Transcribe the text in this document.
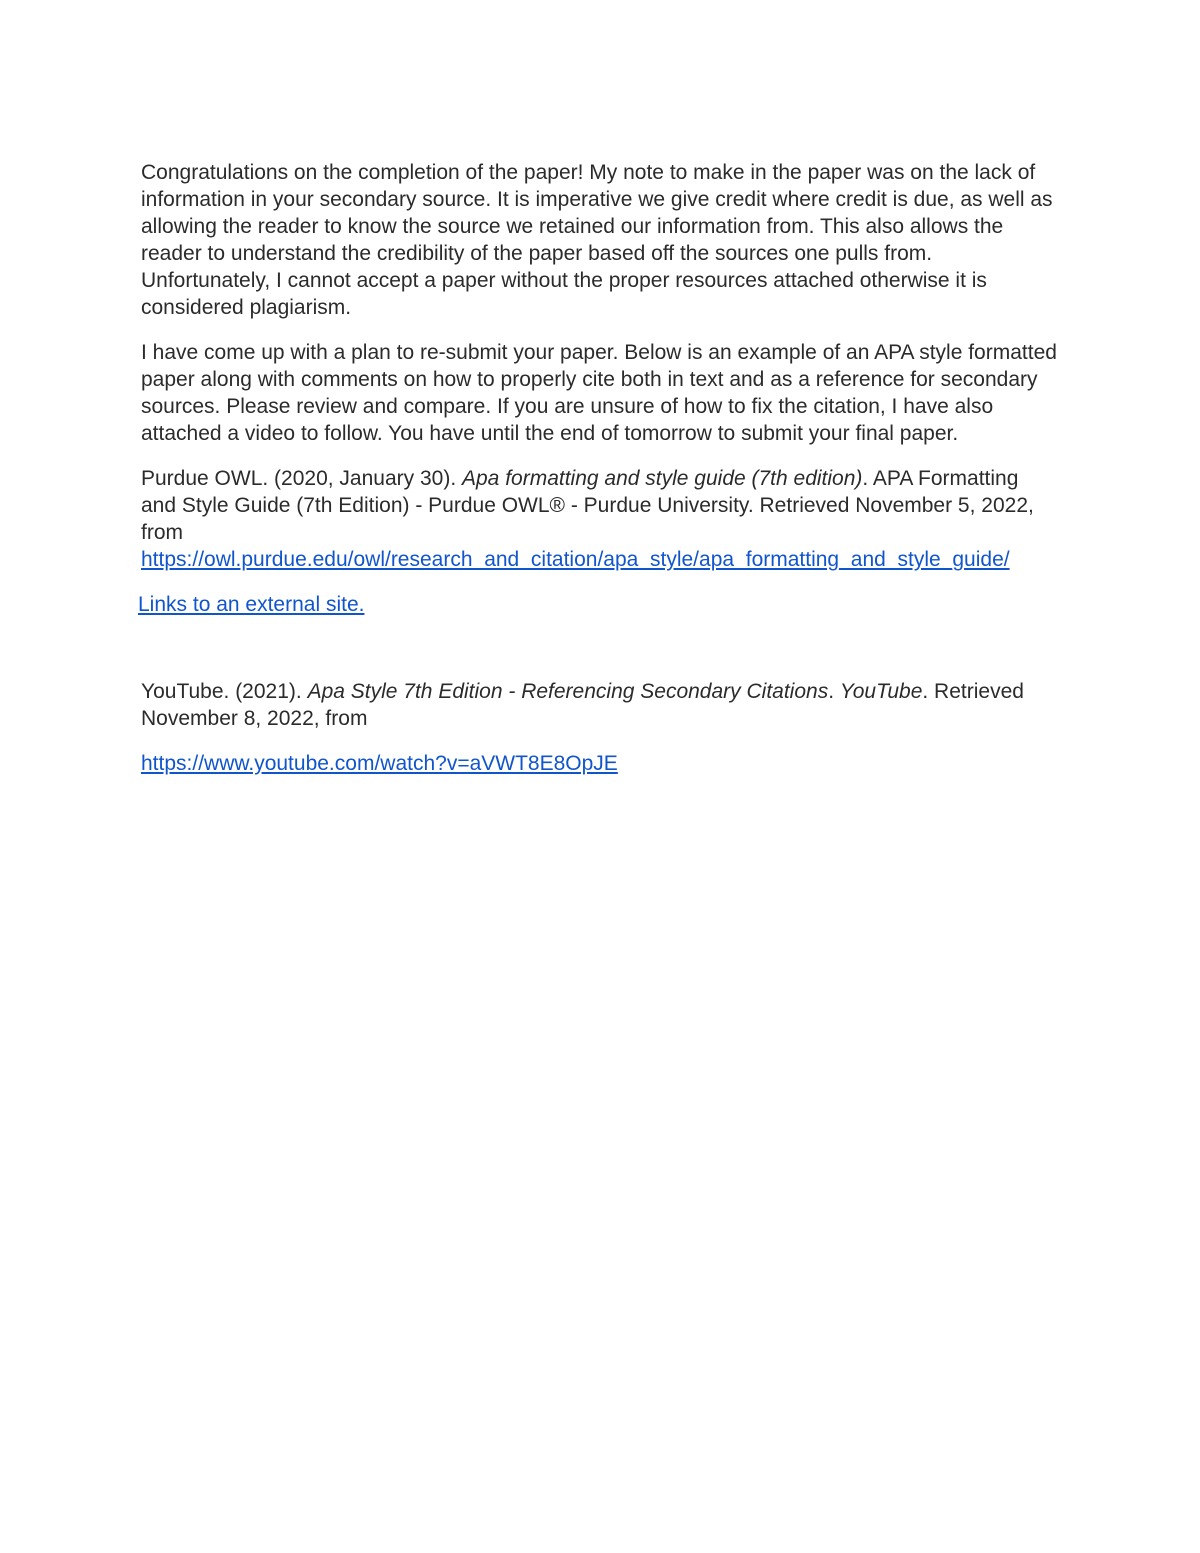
Congratulations on the completion of the paper! My note to make in the paper was on the lack of information in your secondary source. It is imperative we give credit where credit is due, as well as allowing the reader to know the source we retained our information from. This also allows the reader to understand the credibility of the paper based off the sources one pulls from. Unfortunately, I cannot accept a paper without the proper resources attached otherwise it is considered plagiarism.

I have come up with a plan to re-submit your paper. Below is an example of an APA style formatted paper along with comments on how to properly cite both in text and as a reference for secondary sources. Please review and compare. If you are unsure of how to fix the citation, I have also attached a video to follow. You have until the end of tomorrow to submit your final paper.

Purdue OWL. (2020, January 30). Apa formatting and style guide (7th edition). APA Formatting and Style Guide (7th Edition) - Purdue OWL® - Purdue University. Retrieved November 5, 2022, from
https://owl.purdue.edu/owl/research_and_citation/apa_style/apa_formatting_and_style_guide/

Links to an external site.

YouTube. (2021). Apa Style 7th Edition - Referencing Secondary Citations. YouTube. Retrieved November 8, 2022, from

https://www.youtube.com/watch?v=aVWT8E8OpJE
